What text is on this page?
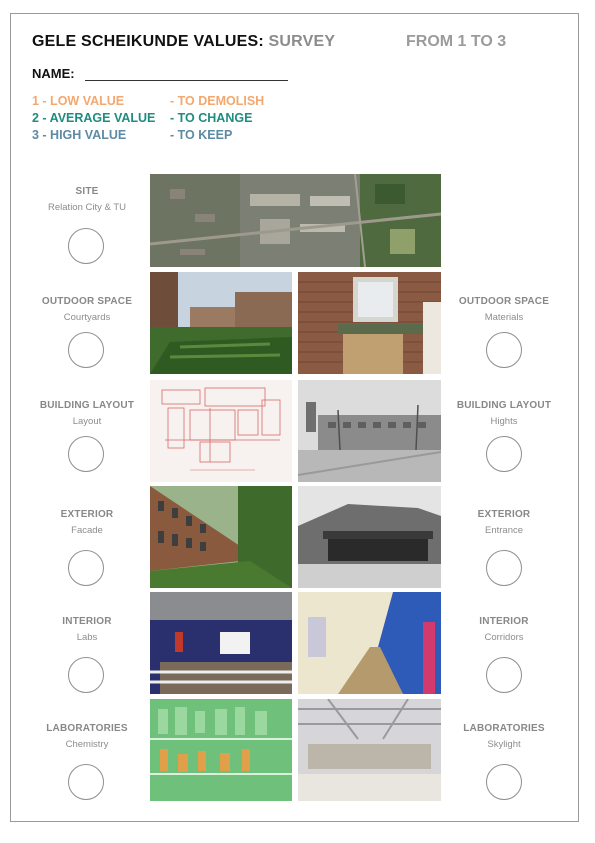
GELE SCHEIKUNDE VALUES: SURVEY	FROM 1 TO 3
NAME:
1 - LOW VALUE	- TO DEMOLISH
2 - AVERAGE VALUE - TO CHANGE
3 - HIGH VALUE	- TO KEEP
SITE
Relation City & TU
OUTDOOR SPACE
Courtyards
BUILDING LAYOUT
Layout
EXTERIOR
Facade
INTERIOR
Labs
LABORATORIES
Chemistry
OUTDOOR SPACE
Materials
BUILDING LAYOUT
Hights
EXTERIOR
Entrance
INTERIOR
Corridors
LABORATORIES
Skylight
